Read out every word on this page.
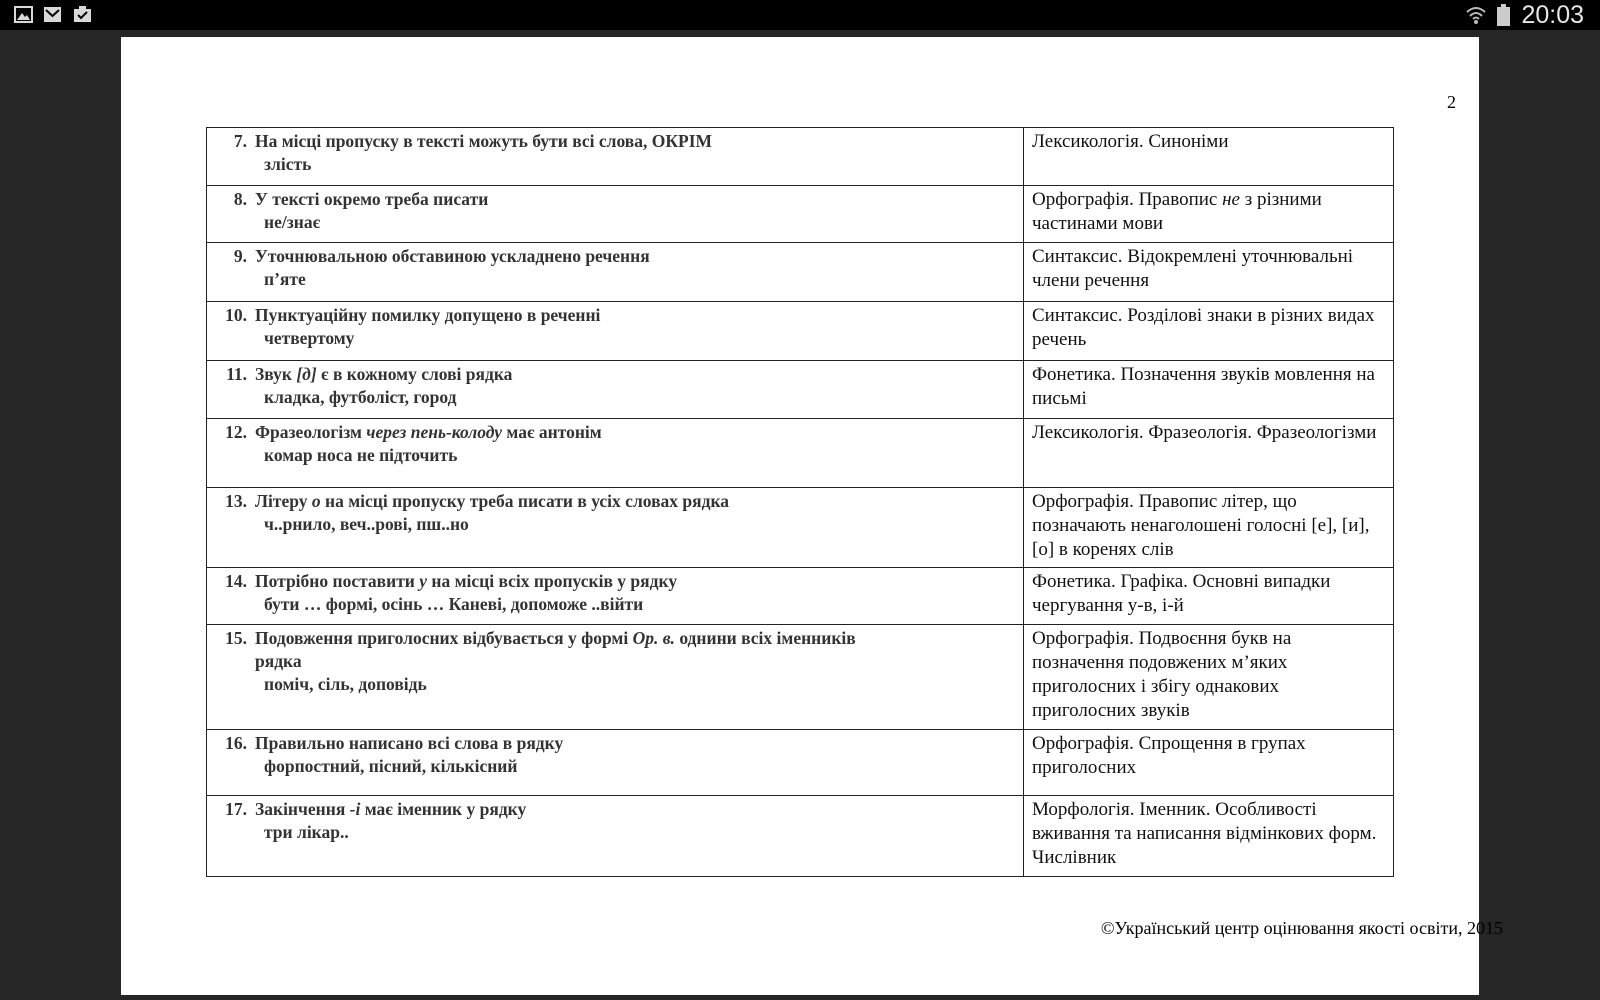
20:03
2
7. На місці пропуску в тексті можуть бути всі слова, ОКРІМ
злість	Лексикологія. Синоніми

8. У тексті окремо треба писати
не/знає	Орфографія. Правопис не з різними частинами мови

9. Уточнювальною обставиною ускладнено речення
п’яте	Синтаксис. Відокремлені уточнювальні члени речення

10. Пунктуаційну помилку допущено в реченні
четвертому	Синтаксис. Розділові знаки в різних видах речень

11. Звук [д] є в кожному слові рядка
кладка, футболіст, город	Фонетика. Позначення звуків мовлення на письмі

12. Фразеологізм через пень-колоду має антонім
комар носа не підточить	Лексикологія. Фразеологія. Фразеологізми

13. Літеру о на місці пропуску треба писати в усіх словах рядка
ч..рнило, веч..рові, пш..но	Орфографія. Правопис літер, що позначають ненаголошені голосні [е], [и], [о] в коренях слів

14. Потрібно поставити у на місці всіх пропусків у рядку
бути … формі, осінь … Каневі, допоможе ..війти	Фонетика. Графіка. Основні випадки чергування у-в, і-й

15. Подовження приголосних відбувається у формі Ор. в. однини всіх іменників
рядка
поміч, сіль, доповідь	Орфографія. Подвоєння букв на позначення подовжених м’яких приголосних і збігу однакових приголосних звуків

16. Правильно написано всі слова в рядку
форпостний, пісний, кількісний	Орфографія. Спрощення в групах приголосних

17. Закінчення -і має іменник у рядку
три лікар..	Морфологія. Іменник. Особливості вживання та написання відмінкових форм. Числівник
©Український центр оцінювання якості освіти, 2015
